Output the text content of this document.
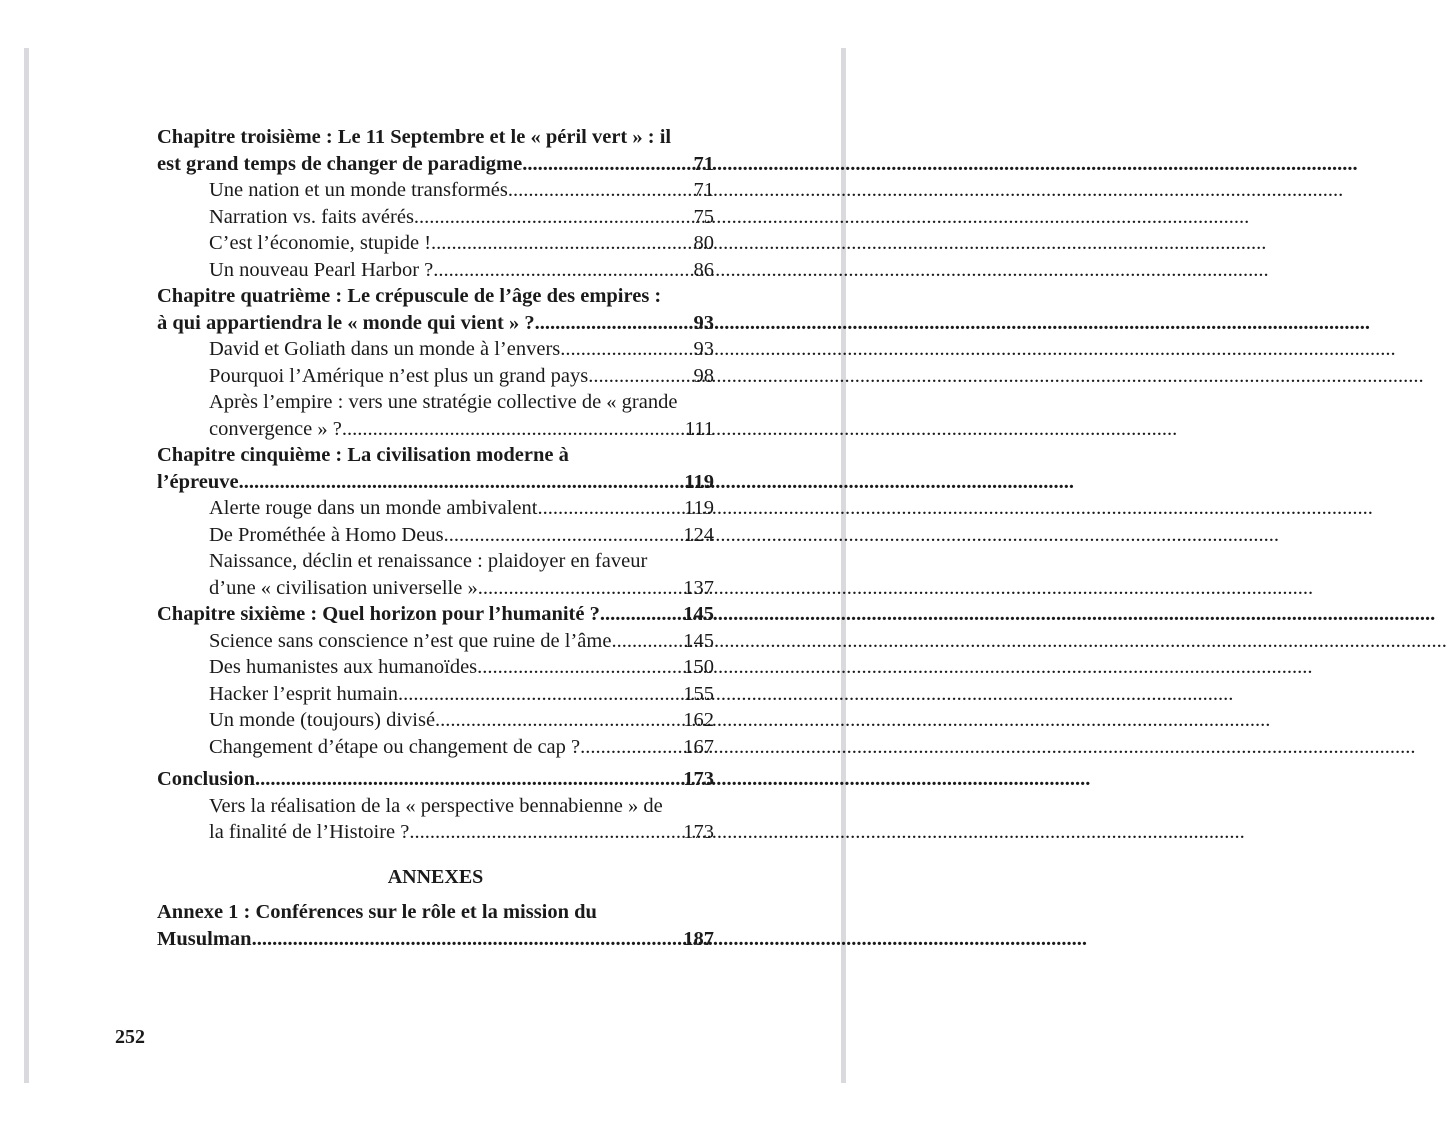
Chapitre troisième : Le 11 Septembre et le « péril vert » : il
est grand temps de changer de paradigme .....	71
Une nation et un monde transformés .....	71
Narration vs. faits avérés .....	75
C’est l’économie, stupide ! .....	80
Un nouveau Pearl Harbor ? .....	86
Chapitre quatrième : Le crépuscule de l’âge des empires :
à qui appartiendra le « monde qui vient » ? .....	93
David et Goliath dans un monde à l’envers .....	93
Pourquoi l’Amérique n’est plus un grand pays .....	98
Après l’empire : vers une stratégie collective de « grande
convergence » ? .....	111
Chapitre cinquième : La civilisation moderne à
l’épreuve .....	119
Alerte rouge dans un monde ambivalent .....	119
De Prométhée à Homo Deus .....	124
Naissance, déclin et renaissance : plaidoyer en faveur
d’une « civilisation universelle » .....	137
Chapitre sixième : Quel horizon pour l’humanité ? .....	145
Science sans conscience n’est que ruine de l’âme .....	145
Des humanistes aux humanoïdes .....	150
Hacker l’esprit humain .....	155
Un monde (toujours) divisé .....	162
Changement d’étape ou changement de cap ? .....	167
Conclusion .....	173
Vers la réalisation de la « perspective bennabienne » de
la finalité de l’Histoire ? .....	173
ANNEXES
Annexe 1 : Conférences sur le rôle et la mission du
Musulman .....	187
252
